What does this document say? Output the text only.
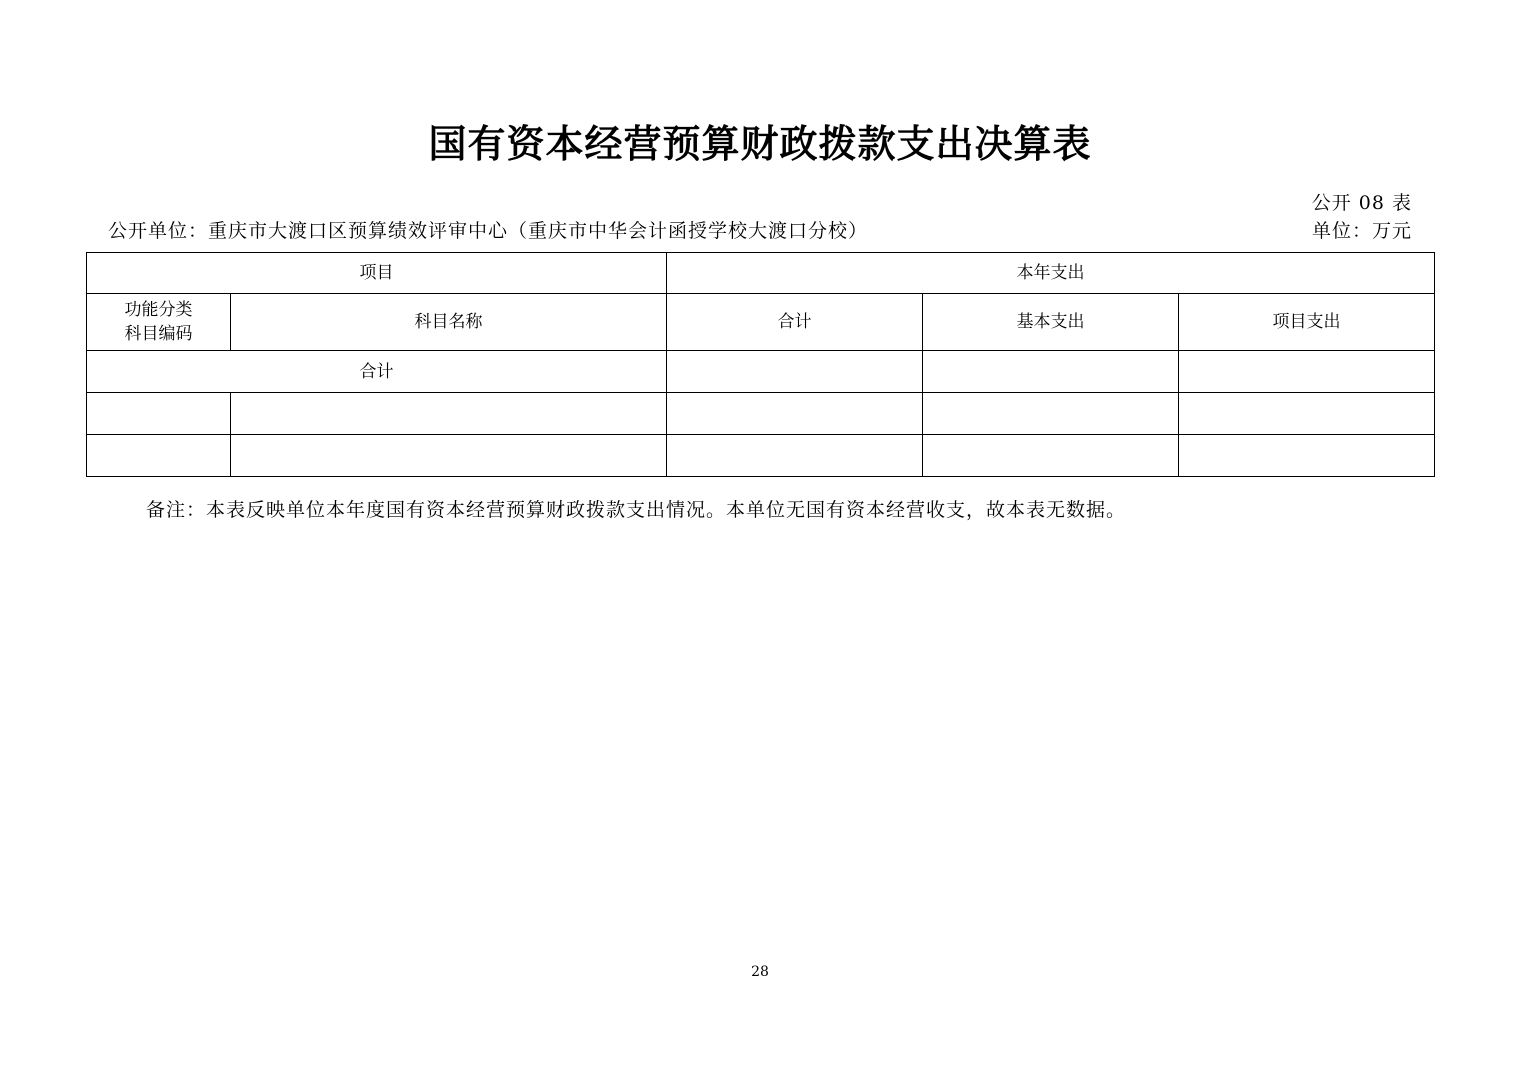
国有资本经营预算财政拨款支出决算表
公开 08 表
公开单位：重庆市大渡口区预算绩效评审中心（重庆市中华会计函授学校大渡口分校）	单位：万元
项目		本年支出		

功能分类
科目编码	科目名称	合计	基本支出	项目支出
合计				

备注：本表反映单位本年度国有资本经营预算财政拨款支出情况。本单位无国有资本经营收支，故本表无数据。
28
